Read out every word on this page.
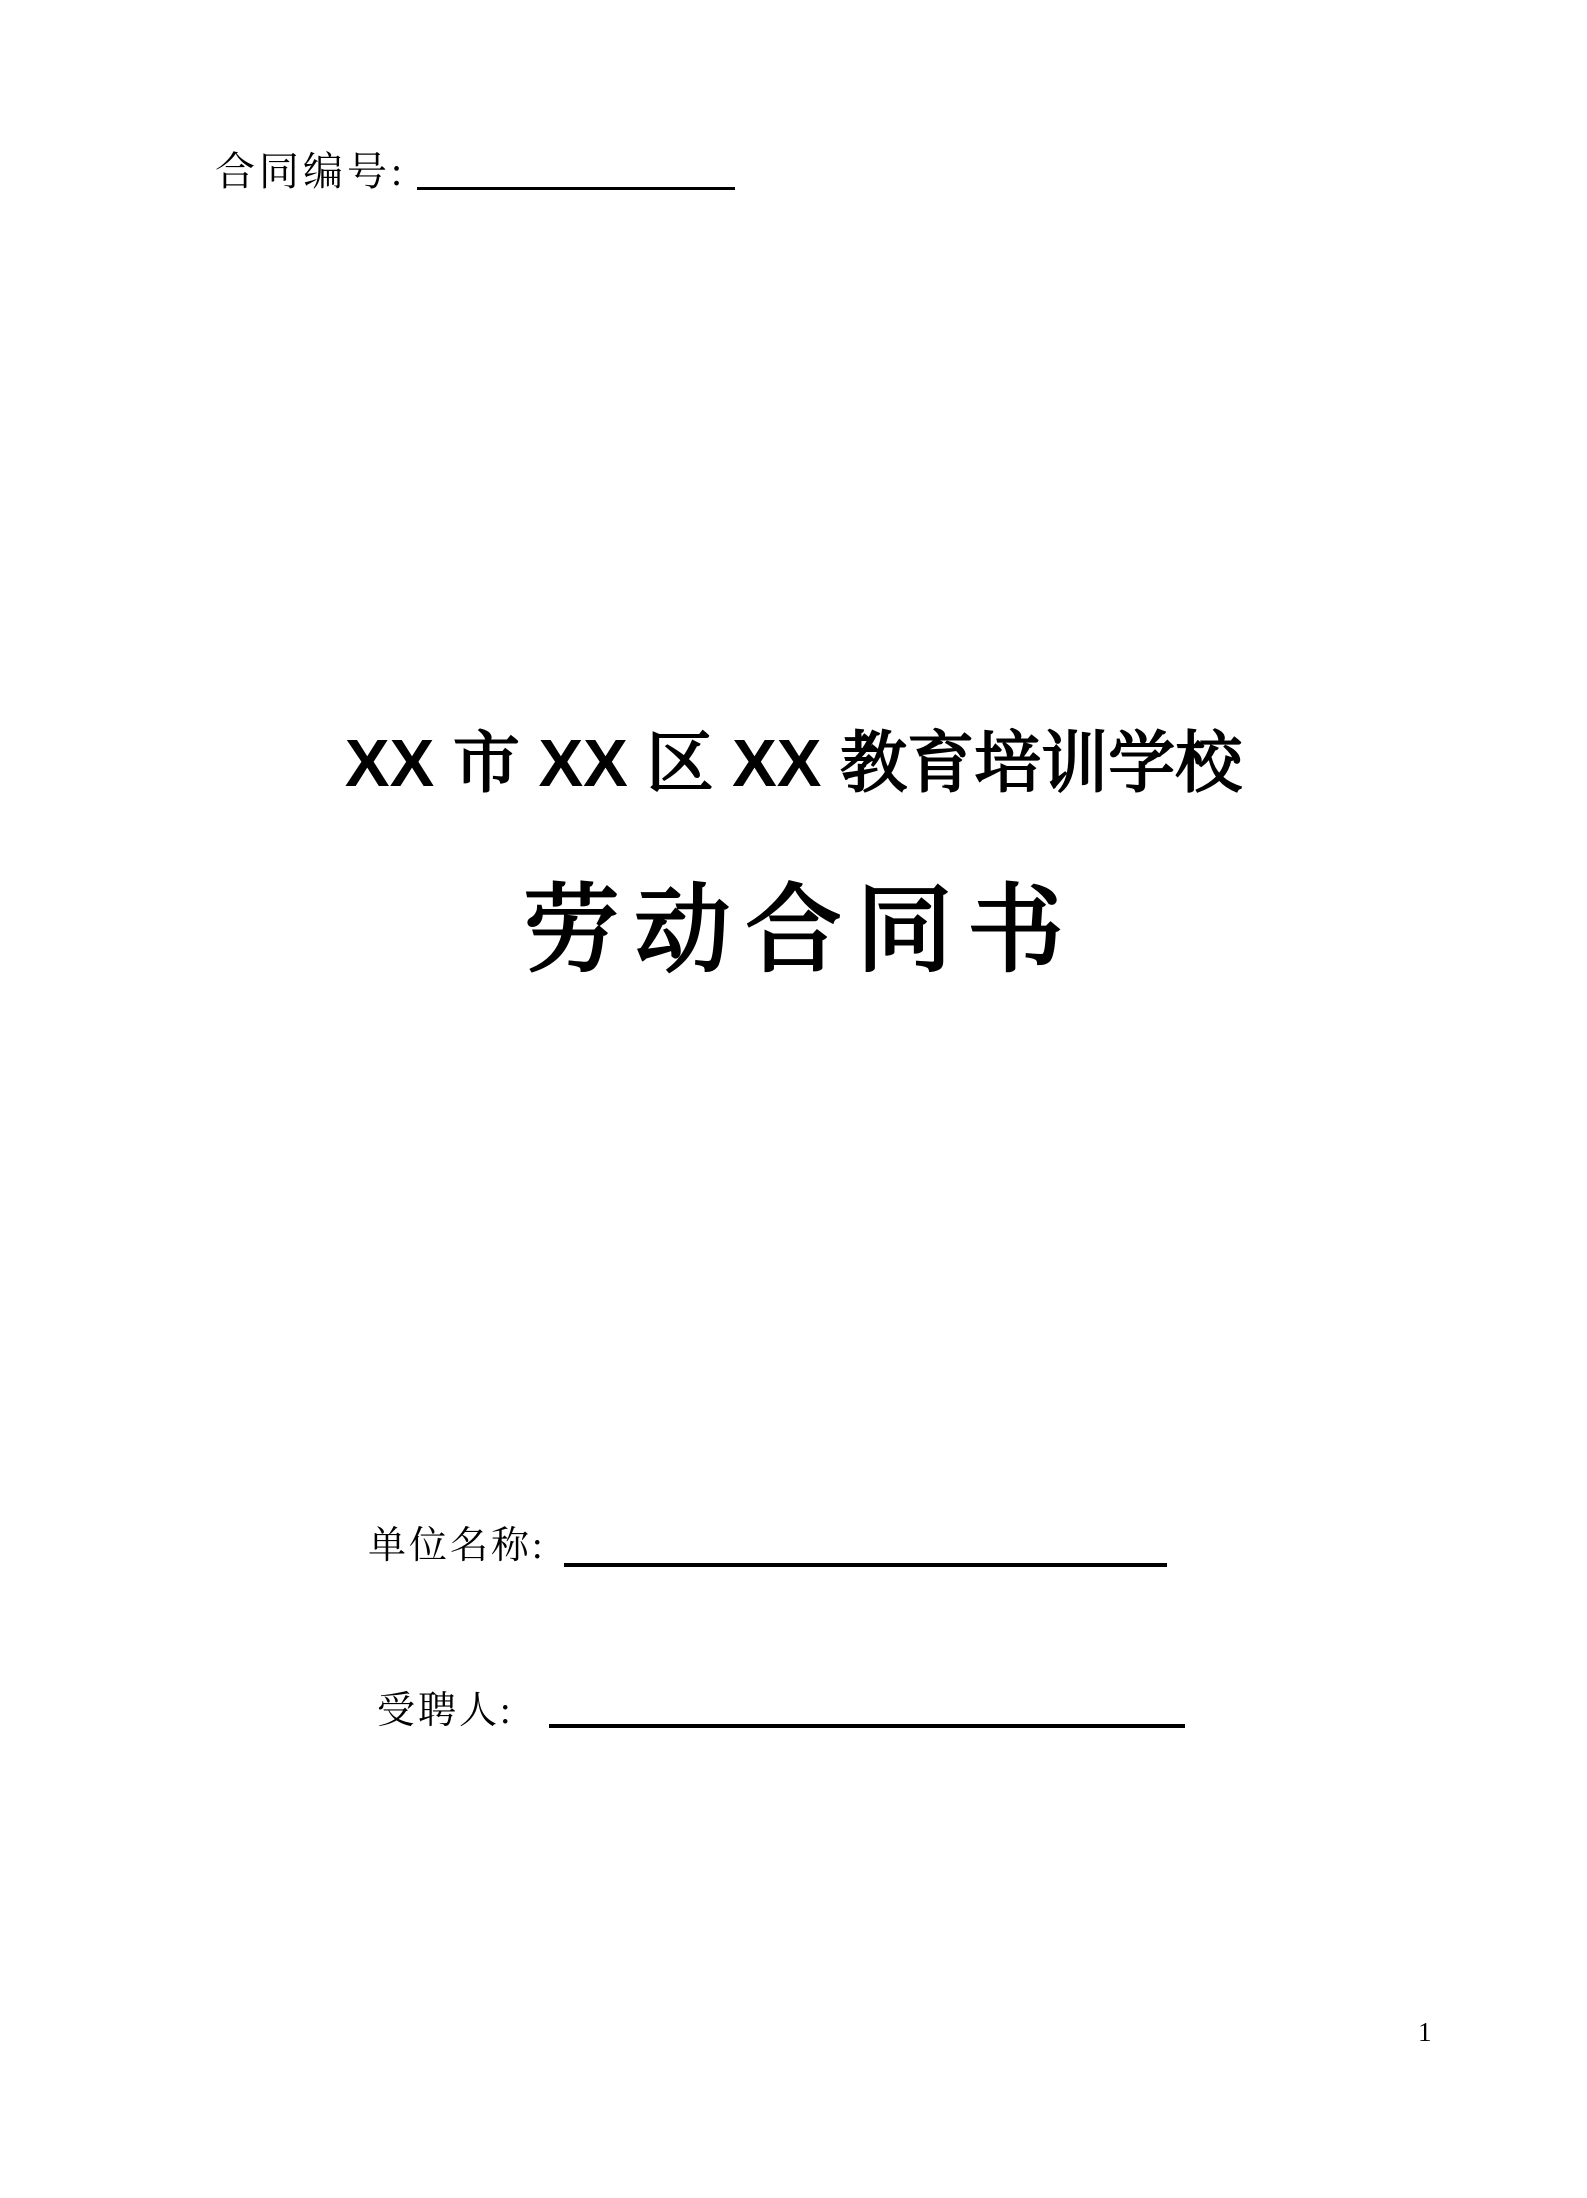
合同编号:
XX 市 XX 区 XX 教育培训学校
劳动合同书
单位名称:
受聘人:
1
